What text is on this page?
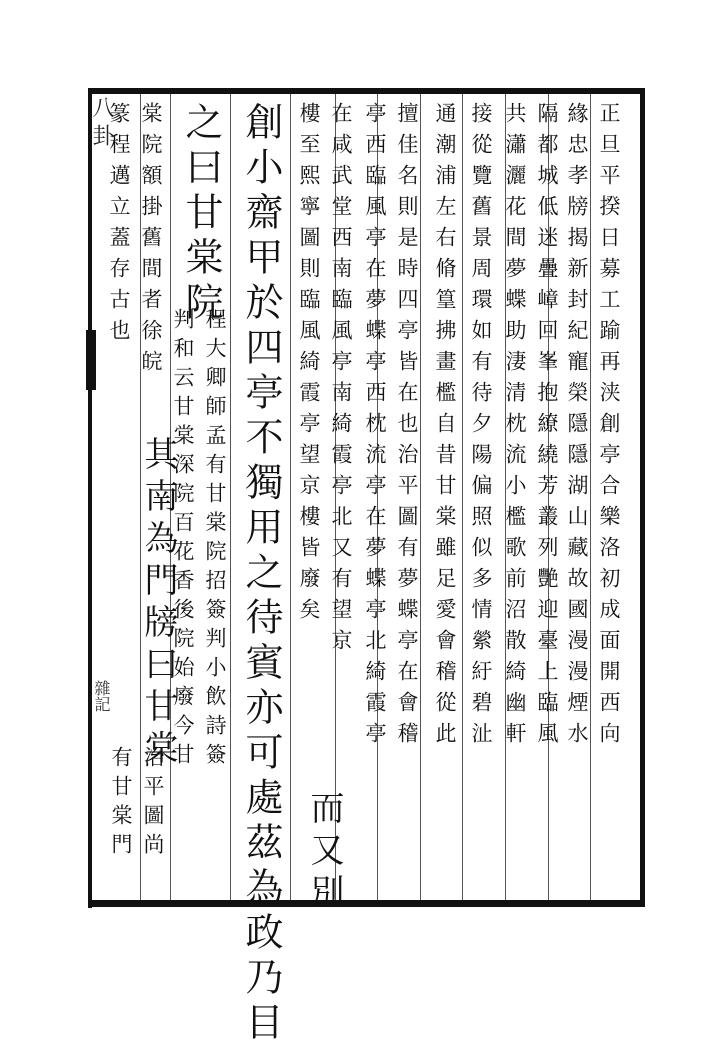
八卦
雜記	正旦平揆日募工踰再浃創亭合樂洛初成面開西向
緣忠孝牓揭新封紀寵榮隱隱湖山藏故國漫漫煙水
隔都城低迷疊嶂回峯抱繚繞芳叢列艷迎臺上臨風
共瀟灑花間夢蝶助淒清枕流小檻歌前沼散綺幽軒
接從覽舊景周環如有待夕陽偏照似多情縈紆碧沚
通潮浦左右脩篁拂畫檻自昔甘棠雖足愛會稽從此
擅佳名則是時四亭皆在也治平圖有夢蝶亭在會稽
亭西臨風亭在夢蝶亭西枕流亭在夢蝶亭北綺霞亭
在咸武堂西南臨風亭南綺霞亭北又有望京
而又別
樓至熙寧圖則臨風綺霞亭望京樓皆廢矣
創小齋甲於四亭不獨用之待賓亦可處茲為政乃目
之曰甘棠院
程大卿師孟有甘棠院招簽判小飲詩簽
判和云甘棠深院百花香後院始廢今甘
棠院額掛舊間者徐皖
其南為門牓曰甘棠
治平圖尚
有甘棠門
篆程邁立蓋存古也
